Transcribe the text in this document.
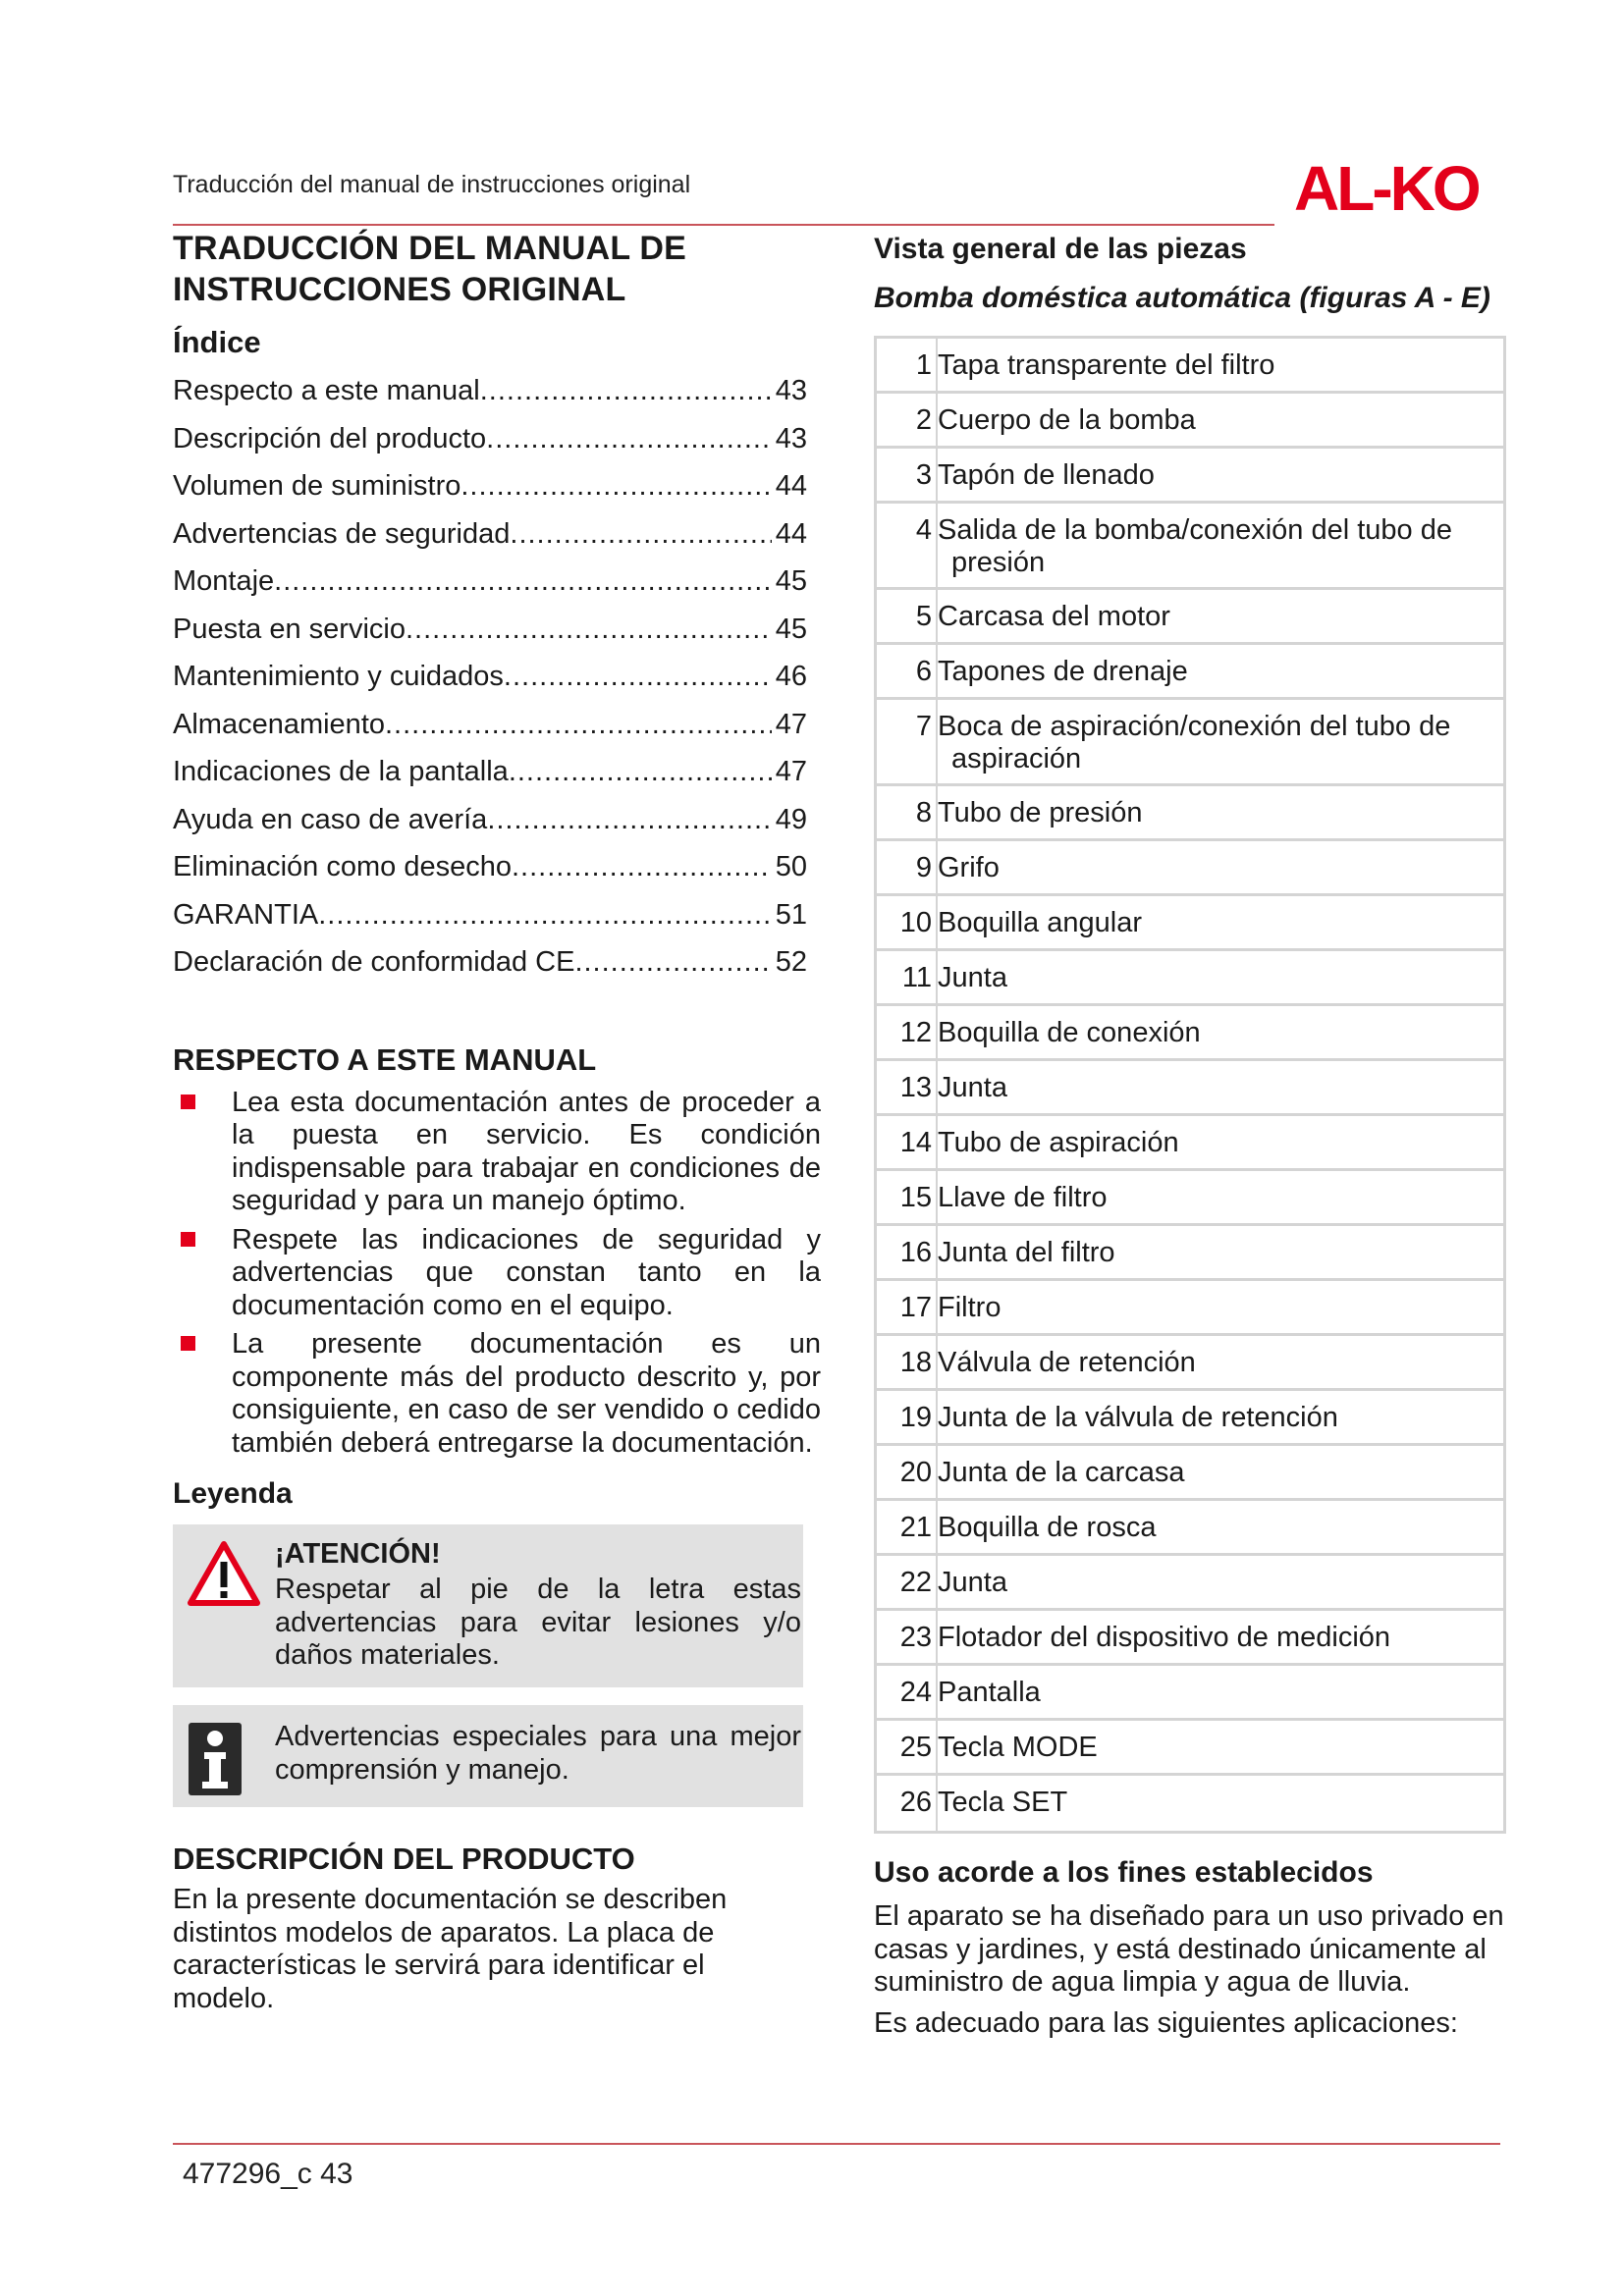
Traducción del manual de instrucciones original	AL-KO
TRADUCCIÓN DEL MANUAL DE
INSTRUCCIONES ORIGINAL
Índice
Respecto a este manual .....	43
Descripción del producto .....	43
Volumen de suministro .....	44
Advertencias de seguridad .....	44
Montaje .....	45
Puesta en servicio .....	45
Mantenimiento y cuidados .....	46
Almacenamiento .....	47
Indicaciones de la pantalla .....	47
Ayuda en caso de avería .....	49
Eliminación como desecho .....	50
GARANTIA .....	51
Declaración de conformidad CE .....	52
RESPECTO A ESTE MANUAL
Lea esta documentación antes de proceder a la puesta en servicio. Es condición indispensable para trabajar en condiciones de seguridad y para un manejo óptimo.
Respete las indicaciones de seguridad y advertencias que constan tanto en la documentación como en el equipo.
La presente documentación es un componente más del producto descrito y, por consiguiente, en caso de ser vendido o cedido también deberá entregarse la documentación.
Leyenda
¡ATENCIÓN!
Respetar al pie de la letra estas advertencias para evitar lesiones y/o daños materiales.
Advertencias especiales para una mejor comprensión y manejo.
DESCRIPCIÓN DEL PRODUCTO
En la presente documentación se describen distintos modelos de aparatos. La placa de características le servirá para identificar el modelo.
Vista general de las piezas
Bomba doméstica automática (figuras A - E)
1 Tapa transparente del filtro
2 Cuerpo de la bomba
3 Tapón de llenado
4 Salida de la bomba/conexión del tubo de
presión
5 Carcasa del motor
6 Tapones de drenaje
7 Boca de aspiración/conexión del tubo de
aspiración
8 Tubo de presión
9 Grifo
10 Boquilla angular
11 Junta
12 Boquilla de conexión
13 Junta
14 Tubo de aspiración
15 Llave de filtro
16 Junta del filtro
17 Filtro
18 Válvula de retención
19 Junta de la válvula de retención
20 Junta de la carcasa
21 Boquilla de rosca
22 Junta
23 Flotador del dispositivo de medición
24 Pantalla
25 Tecla MODE
26 Tecla SET
Uso acorde a los fines establecidos

El aparato se ha diseñado para un uso privado en casas y jardines, y está destinado únicamente al suministro de agua limpia y agua de lluvia.

Es adecuado para las siguientes aplicaciones:

477296_c 43
